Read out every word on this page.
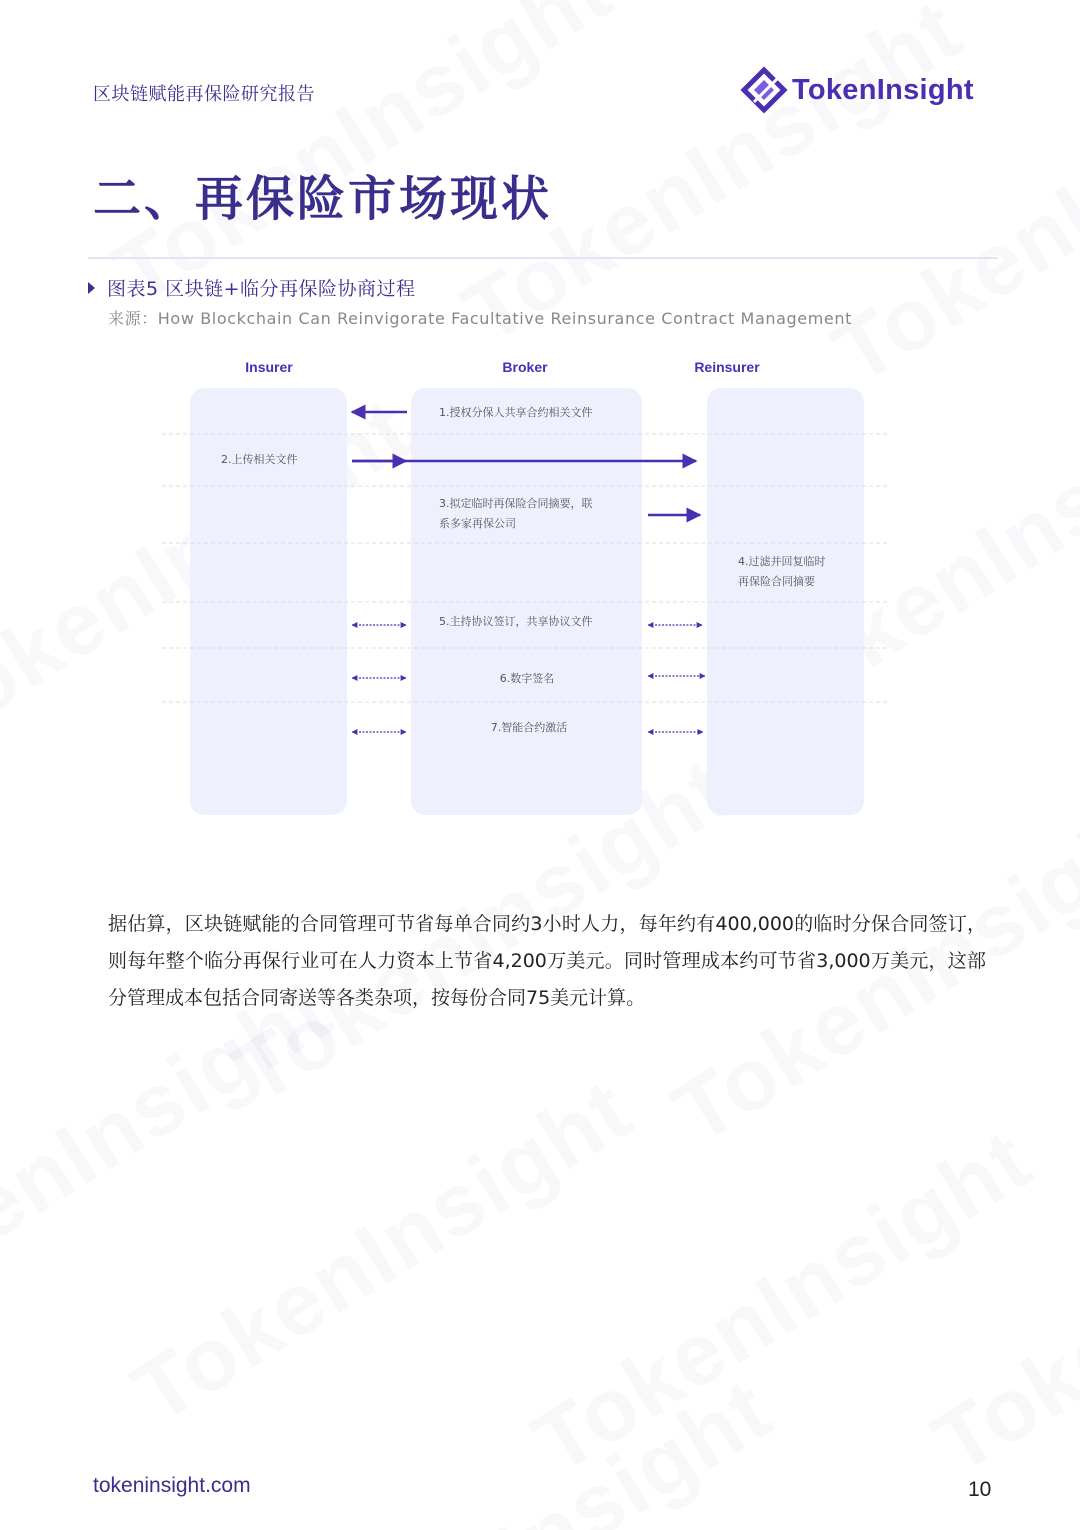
区块链赋能再保险研究报告	TokenInsight
二、再保险市场现状
图表5 区块链+临分再保险协商过程
来源：How Blockchain Can Reinvigorate Facultative Reinsurance Contract Management
Insurer	Broker	Reinsurer
1.授权分保人共享合约相关文件
2.上传相关文件
3.拟定临时再保险合同摘要，联
系多家再保公司
4.过滤并回复临时
再保险合同摘要
5.主持协议签订，共享协议文件
6.数字签名
7.智能合约激活
据估算，区块链赋能的合同管理可节省每单合同约3小时人力，每年约有400,000的临时分保合同签订，则每年整个临分再保行业可在人力资本上节省4,200万美元。同时管理成本约可节省3,000万美元，这部分管理成本包括合同寄送等各类杂项，按每份合同75美元计算。
tokeninsight.com	10
